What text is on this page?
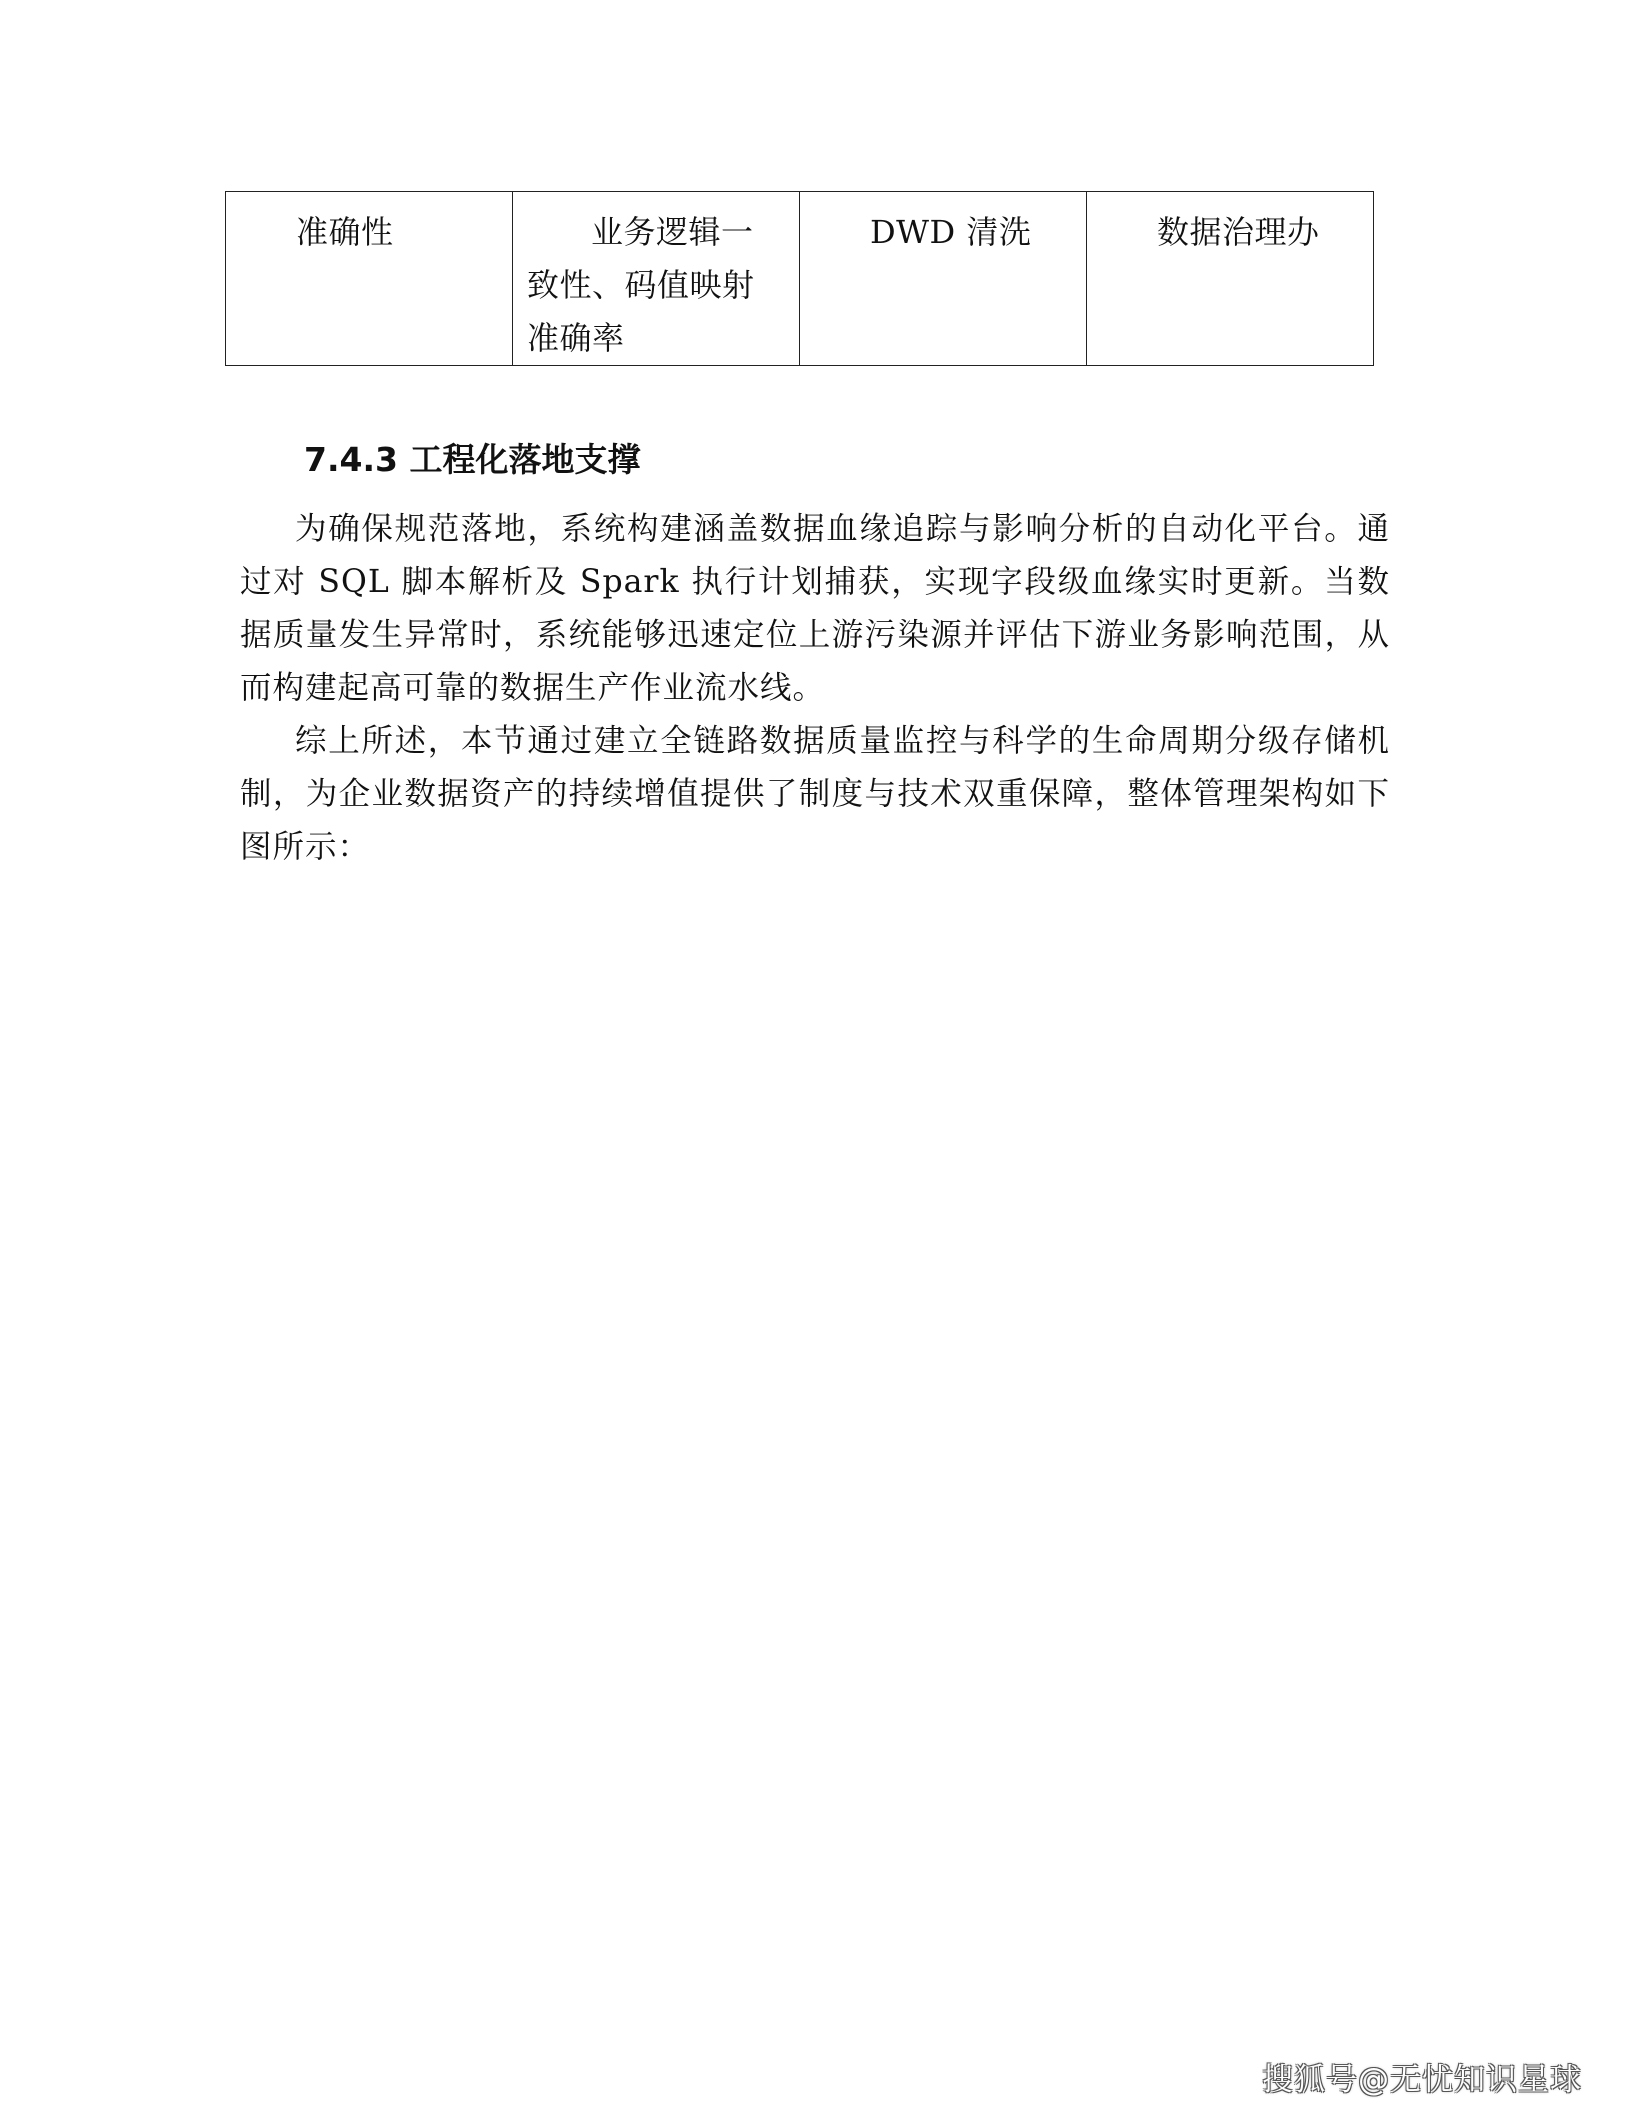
准确性	业务逻辑一致性、码值映射准确率	DWD 清洗	数据治理办
7.4.3 工程化落地支撑

为确保规范落地，系统构建涵盖数据血缘追踪与影响分析的自动化平台。通过对 SQL 脚本解析及 Spark 执行计划捕获，实现字段级血缘实时更新。当数据质量发生异常时，系统能够迅速定位上游污染源并评估下游业务影响范围，从而构建起高可靠的数据生产作业流水线。

综上所述，本节通过建立全链路数据质量监控与科学的生命周期分级存储机制，为企业数据资产的持续增值提供了制度与技术双重保障，整体管理架构如下图所示：

搜狐号@无忧知识星球
